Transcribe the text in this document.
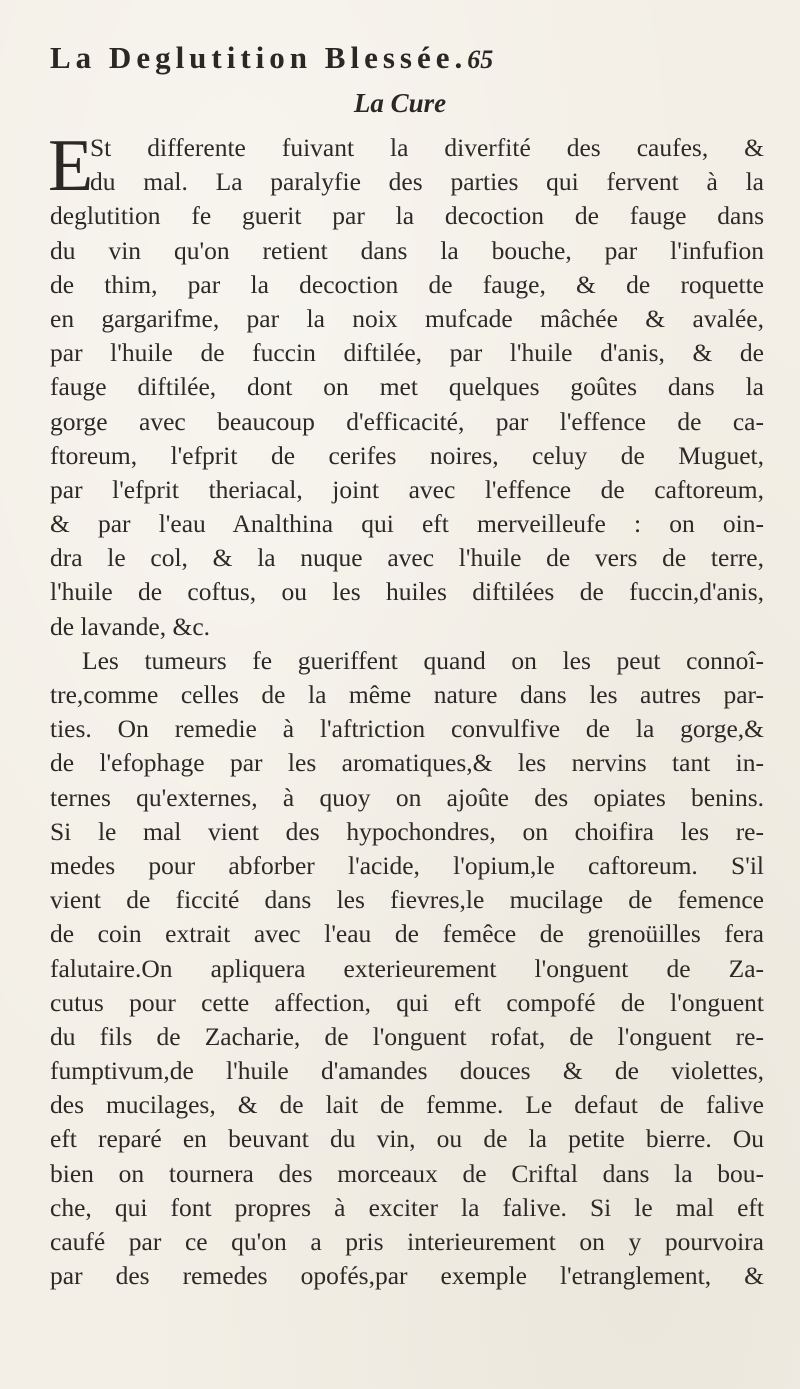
La Deglutition Blessée.65
La Cure
E
St differente fuivant la diverfité des caufes, &
du mal. La paralyfie des parties qui fervent à la
deglutition fe guerit par la decoction de fauge dans
du vin qu'on retient dans la bouche, par l'infufion
de thim, par la decoction de fauge, & de roquette
en gargarifme, par la noix mufcade mâchée & avalée,
par l'huile de fuccin diftilée, par l'huile d'anis, & de
fauge diftilée, dont on met quelques goûtes dans la
gorge avec beaucoup d'efficacité, par l'effence de ca-
ftoreum, l'efprit de cerifes noires, celuy de Muguet,
par l'efprit theriacal, joint avec l'effence de caftoreum,
& par l'eau Analthina qui eft merveilleufe : on oin-
dra le col, & la nuque avec l'huile de vers de terre,
l'huile de coftus, ou les huiles diftilées de fuccin,d'anis,
de lavande, &c.
Les tumeurs fe gueriffent quand on les peut connoî-
tre,comme celles de la même nature dans les autres par-
ties. On remedie à l'aftriction convulfive de la gorge,&
de l'efophage par les aromatiques,& les nervins tant in-
ternes qu'externes, à quoy on ajoûte des opiates benins.
Si le mal vient des hypochondres, on choifira les re-
medes pour abforber l'acide, l'opium,le caftoreum. S'il
vient de ficcité dans les fievres,le mucilage de femence
de coin extrait avec l'eau de femêce de grenoüilles fera
falutaire.On apliquera exterieurement l'onguent de Za-
cutus pour cette affection, qui eft compofé de l'onguent
du fils de Zacharie, de l'onguent rofat, de l'onguent re-
fumptivum,de l'huile d'amandes douces & de violettes,
des mucilages, & de lait de femme. Le defaut de falive
eft reparé en beuvant du vin, ou de la petite bierre. Ou
bien on tournera des morceaux de Criftal dans la bou-
che, qui font propres à exciter la falive. Si le mal eft
caufé par ce qu'on a pris interieurement on y pourvoira
par des remedes opofés,par exemple l'etranglement, &
